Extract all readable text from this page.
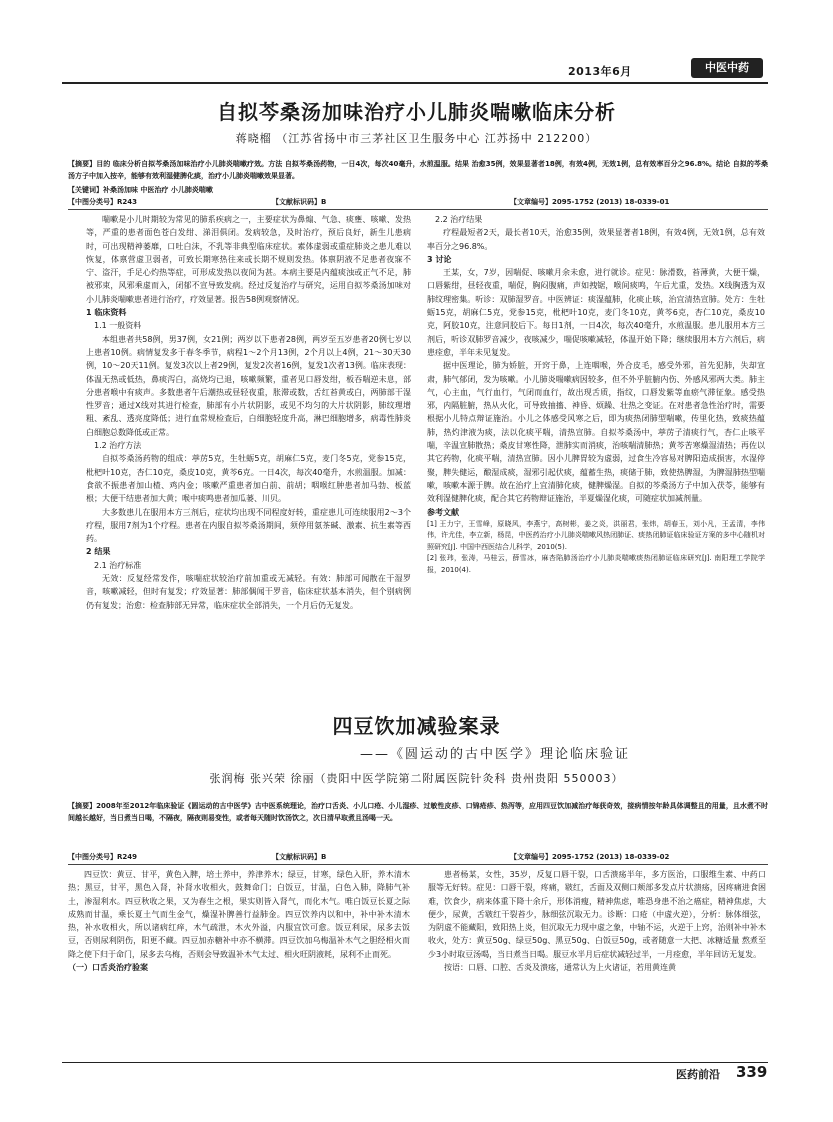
2013年6月	中医中药
自拟芩桑汤加味治疗小儿肺炎喘嗽临床分析
蒋晓榴 （江苏省扬中市三茅社区卫生服务中心 江苏扬中 212200）
【摘要】目的 临床分析自拟芩桑汤加味治疗小儿肺炎喘嗽疗效。方法 自拟芩桑汤药物，一日4次，每次40毫升，水煎温服。结果 治愈35例，效果显著者18例，有效4例，无效1例，总有效率百分之96.8%。结论 自拟的芩桑汤方子中加入按辛，能够有效利湿健脾化痰，治疗小儿肺炎喘嗽效果显著。
【关键词】补桑汤加味 中医治疗 小儿肺炎喘嗽
【中图分类号】R243	【文献标识码】B	【文章编号】2095-1752 (2013) 18-0339-01

喘嗽是小儿时期较为常见的肺系疾病之一，主要症状为鼻煽、气急、痰壅、咳嗽、发热等，严重的患者面色苍白发绀、涕泪俱闭。发病较急，及时治疗，预后良好，新生儿患病时，可出现精神萎靡，口吐白沫，不乳等非典型临床症状。素体虚弱或重症肺炎之患儿难以恢复，体禀营虚卫弱者，可致长期寒热往来或长期不规则发热。体禀阴液不足患者夜寐不宁、盗汗，手足心灼热等症，可形成发热以夜间为甚。本病主要是内蕴痰浊或正气不足，肺被邪束，风邪乘虚而入，闭郁不宣导致发病。经过反复治疗与研究，运用自拟芩桑汤加味对小儿肺炎喘嗽患者进行治疗，疗效显著。报告58例观察情况。

1 临床资料

1.1 一般资料

本组患者共58例，男37例，女21例；两岁以下患者28例，两岁至五岁患者20例七岁以上患者10例。病情复发多于春冬季节，病程1～2个月13例，2个月以上4例，21～30天30例，10～20天11例。复发3次以上者29例，复发2次者16例，复发1次者13例。临床表现：体温无热或低热，鼻痰泻白，高烧均已退，咳嗽频繁，重者见口唇发绀，板吞喘逆未息，部分患者喉中有痰声。多数患者午后潮热或昼轻夜重，胀滞或数，舌红苔黄或白，两肺部干湿性罗音；通过X线对其进行检查，肺部有小片状阴影，或见不均匀的大片状阴影，肺纹理增粗、紊乱、透亮度降低；进行血常规检查后，白细胞轻度升高，淋巴细胞增多，病毒性肺炎白细胞总数降低或正常。

1.2 治疗方法

自拟芩桑汤药物的组成：葶苈5克，生牡蛎5克，胡麻仁5克，麦门冬5克，党参15克，枇杷叶10克，杏仁10克，桑皮10克，黄芩6克。一日4次，每次40毫升，水煎温服。加减：食欲不振患者加山楂、鸡内金；咳嗽严重患者加白前、前胡；咽喉红肿患者加马勃、板蓝根；大便干结患者加大黄；喉中痰鸣患者加瓜蒌、川贝。

大多数患儿在服用本方三剂后，症状均出现不同程度好转，重症患儿可连续服用2～3个疗程，服用7剂为1个疗程。患者在内服自拟芩桑汤期间，须停用氨茶碱、激素、抗生素等西药。

2 结果

2.1 治疗标准

无效：反复经常发作，咳喘症状较治疗前加重或无减轻。有效：肺部可闻散在干湿罗音，咳嗽减轻，但时有复发；疗效显著：肺部偶闻干罗音，临床症状基本消失，但个别病例仍有复发；治愈：检查肺部无异常，临床症状全部消失，一个月后仍无复发。

2.2 治疗结果

疗程最短者2天，最长者10天，治愈35例，效果显著者18例，有效4例，无效1例，总有效率百分之96.8%。

3 讨论

王某，女，7岁，因喘促、咳嗽月余未愈，进行就诊。症见：脉滑数，苔薄黄，大便干燥，口唇紫绀，昼轻夜重，喘促，胸闷腹痛，声如拽锯，喉间痰鸣，午后尤重，发热。X线胸透为双肺纹理密集。听诊：双肺湿罗音。中医辨证：痰湿蕴肺，化痰止咳，治宜清热宣肺。处方：生牡蛎15克，胡麻仁5克，党参15克，枇杷叶10克，麦门冬10克，黄芩6克，杏仁10克，桑皮10克，阿胶10克，注意同胶后下。每日1剂，一日4次，每次40毫升，水煎温服。患儿服用本方三剂后，听诊双肺罗音减少，夜咳减少，喘促咳嗽减轻，体温开始下降；继续服用本方六剂后，病患痊愈，半年未见复发。

据中医理论，肺为娇脏，开窍于鼻，上连咽喉，外合皮毛，感受外邪，首先犯肺，失却宣肃，肺气郁闭，发为咳嗽。小儿肺炎喘嗽病因较多，但不外乎脏腑内伤、外感风邪两大类。肺主气，心主血，气行血行，气闭而血行，故出现舌质，指纹，口唇发紫等血瘀气滞征象。感受热邪，内隔脏腑，热从火化，可导致抽搐、神昏、烦躁、壮热之变证。在对患者急性治疗时，需要根据小儿特点辩证施治。小儿之体感受风寒之后，即为痰热闭肺型喘嗽，传里化热，致痰热蕴肺，热灼津液为痰，法以化痰平喘，清热宣肺。自拟芩桑汤中，葶苈子清痰行气，杏仁止咳平喘，辛温宣肺散热；桑皮甘寒性降，泄肺实而消痰，治咳喘清肺热；黄芩苦寒燥湿清热；再佐以其它药物，化痰平喘，清热宣肺。因小儿脾胃较为虚弱，过食生冷容易对脾阳造成损害，水湿停聚，脾失健运，酿湿成痰，湿邪引起伏痰，蕴蓄生热，痰储于肺，致使热脾湿，为脾湿肺热型喘嗽，咳嗽本源于脾。故在治疗上宜清肺化痰，健脾燥湿。自拟的芩桑汤方子中加入茯苓，能够有效利湿健脾化痰，配合其它药物辩证施治，半夏燥湿化痰，可随症状加减剂量。

参考文献

[1] 王力宁，王雪峰，原晓风，李燕宁，高树彬，姜之炎，洪丽君，张炜，胡春玉，刘小凡，王孟清，李伟伟，许尤佳，李立新，杨昆，中医药治疗小儿肺炎喘嗽风热闭肺证、痰热闭肺证临床验证方案的多中心随机对照研究[J]. 中国中西医结合儿科学，2010(5).

[2] 张玮，张涛，马桂云，薛雪冰，麻杏陷肺汤治疗小儿肺炎喘嗽痰热闭肺证临床研究[J]. 南阳理工学院学报，2010(4).

四豆饮加减验案录
——《圆运动的古中医学》理论临床验证
张润梅 张兴荣 徐丽（贵阳中医学院第二附属医院针灸科 贵州贵阳 550003）
【摘要】2008年至2012年临床验证《圆运动的古中医学》古中医系统理论，治疗口舌炎、小儿口疮、小儿湿疹、过敏性皮疹、口锦疮疹、热泻等，应用四豆饮加减治疗每获奇效，接病情按年龄具体调整且的用量，且水煮不时间越长越好，当日煮当日喝，不隔夜，隔夜则易变性，或者每天随时饮汤饮之，次日清早取煮且汤喝一天。
【中图分类号】R249	【文献标识码】B	【文章编号】2095-1752 (2013) 18-0339-02

四豆饮：黄豆、甘平，黄色入脾，培土养中，养津养木；绿豆，甘寒，绿色入肝，养木清木热；黑豆，甘平，黑色入肾，补肾水收相火，鼓舞命门；白饭豆，甘温，白色入肺，降肺气补土，渗湿利水。四豆秋收之果，又为春生之根，果实则皆入肾气，而化木气。唯白饭豆长夏之际成熟而甘温，乘长夏土气而生金气，燥湿补脾善行益肺金。四豆饮养内以和中，补中补木清木热，补水收相火，所以诸病红痒，木气疏泄，木火外溢，内服宜饮可愈。饭豆利尿，尿多去饭豆，否则尿利阴伤，阳更不藏。四豆加赤糖补中亦不横滞。四豆饮加乌梅温补木气之胆经相火而降之使下归于命门，尿多去乌梅，否则会导致温补木气太过、相火旺阴液耗，尿利不止而死。

（一）口舌炎治疗验案

患者杨某，女性，35岁，反复口唇干裂，口舌溃疡半年，多方医治，口服维生素、中药口服等无好转。症见：口唇干裂，疼痛，皲红，舌面及双侧口颊部多发点片状溃疡，因疼痛进食困难，饮食少，病来体重下降十余斤，形体消瘦，精神焦虑，唯恐身患不治之癌症，精神焦虑，大便少，尿黄，舌皲红干裂苔少，脉细弦沉取无力。诊断：口疮（中虚火逆），分析：脉体细弦，为阴虚不能藏阳，致阳热上炎，但沉取无力现中虚之象，中轴不运，火逆于上窍，治则补中补木收火，处方：黄豆50g、绿豆50g、黑豆50g、白饭豆50g，或者随意一大把、冰糖适量 熬煮至少3小时取豆汤喝，当日煮当日喝。服豆水半月后症状减轻过半，一月痊愈，半年回访无复发。

按语：口唇、口腔、舌炎及溃疡，通常认为上火诸证，若用黄连黄

医药前沿 339
